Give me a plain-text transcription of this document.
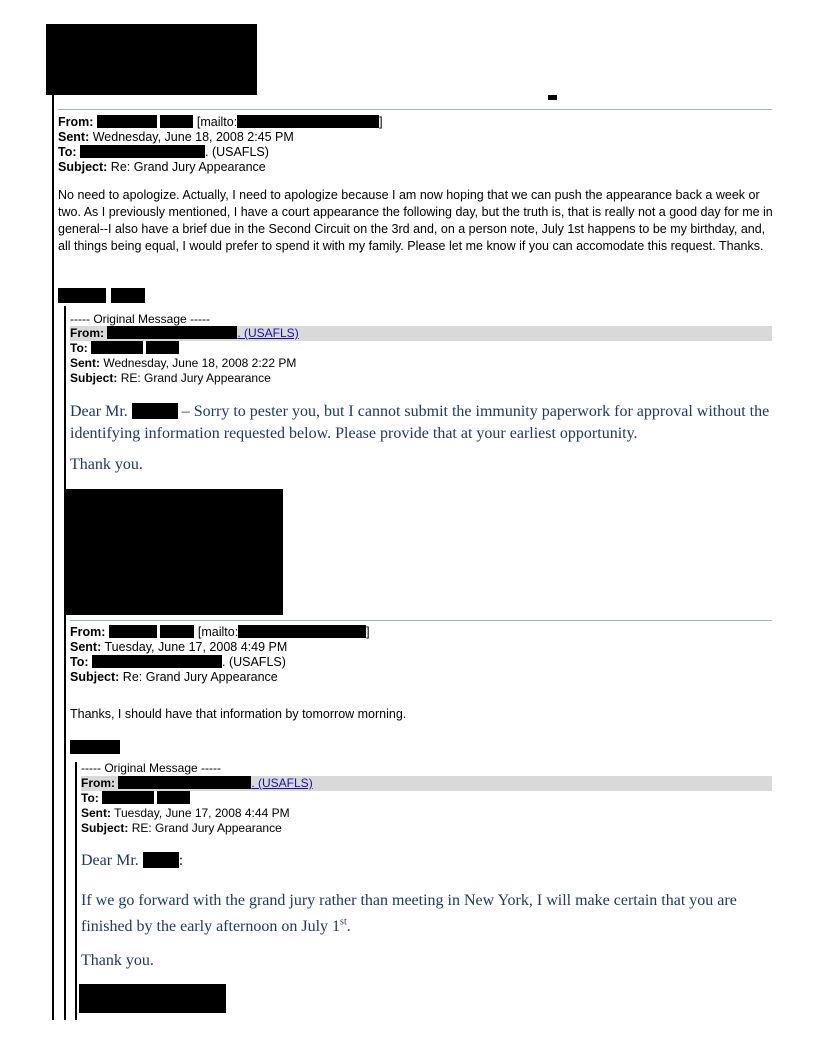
From:	[mailto:	]
Sent: Wednesday, June 18, 2008 2:45 PM
To:	. (USAFLS)
Subject: Re: Grand Jury Appearance
No need to apologize. Actually, I need to apologize because I am now hoping that we can push the appearance back a week or two. As I previously mentioned, I have a court appearance the following day, but the truth is, that is really not a good day for me in general--I also have a brief due in the Second Circuit on the 3rd and, on a person note, July 1st happens to be my birthday, and, all things being equal, I would prefer to spend it with my family. Please let me know if you can accomodate this request. Thanks.
----- Original Message -----
From:	. (USAFLS)
To:
Sent: Wednesday, June 18, 2008 2:22 PM
Subject: RE: Grand Jury Appearance
Dear Mr.	– Sorry to pester you, but I cannot submit the immunity paperwork for approval without the identifying information requested below. Please provide that at your earliest opportunity.
Thank you.
From:	[mailto:	]
Sent: Tuesday, June 17, 2008 4:49 PM
To:	. (USAFLS)
Subject: Re: Grand Jury Appearance
Thanks, I should have that information by tomorrow morning.
----- Original Message -----
From:	. (USAFLS)
To:
Sent: Tuesday, June 17, 2008 4:44 PM
Subject: RE: Grand Jury Appearance
Dear Mr.	:
If we go forward with the grand jury rather than meeting in New York, I will make certain that you are finished by the early afternoon on July 1st.
Thank you.
